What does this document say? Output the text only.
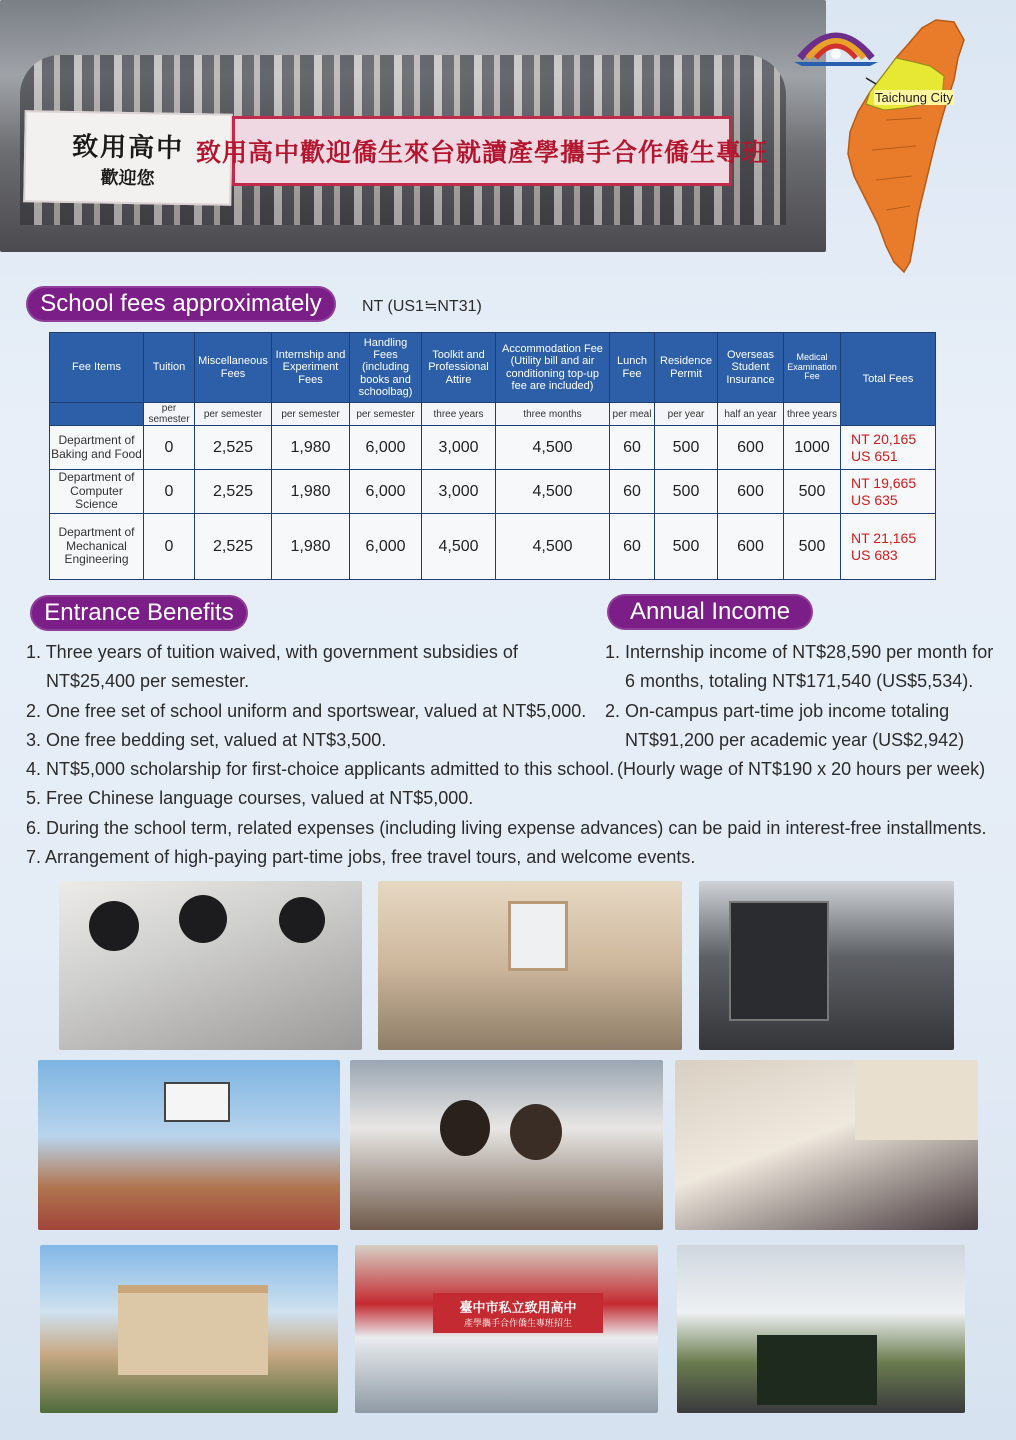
致用高中
歡迎您
致用高中歡迎僑生來台就讀產學攜手合作僑生專班
Taichung City
School fees approximately	NT (US1≒NT31)
Fee Items	Tuition	Miscellaneous Fees	Internship and Experiment Fees	Handling Fees (including books and schoolbag)	Toolkit and Professional Attire	Accommodation Fee (Utility bill and air conditioning top-up fee are included)	Lunch Fee	Residence Permit	Overseas Student Insurance	Medical Examination Fee	Total Fees
	per semester	per semester	per semester	per semester	three years	three months	per meal	per year	half an year	three years	
Department of Baking and Food	0	2,525	1,980	6,000	3,000	4,500	60	500	600	1000	NT 20,165
US 651

Department of Computer Science	0	2,525	1,980	6,000	3,000	4,500	60	500	600	500	NT 19,665
US 635

Department of Mechanical Engineering	0	2,525	1,980	6,000	4,500	4,500	60	500	600	500	NT 21,165
US 683
Entrance Benefits
1. Three years of tuition waived, with government subsidies of
NT$25,400 per semester.
2. One free set of school uniform and sportswear, valued at NT$5,000.
3. One free bedding set, valued at NT$3,500.
4. NT$5,000 scholarship for first-choice applicants admitted to this school.
5. Free Chinese language courses, valued at NT$5,000.
6. During the school term, related expenses (including living expense advances) can be paid in interest-free installments.
7. Arrangement of high-paying part-time jobs, free travel tours, and welcome events.
Annual Income
1. Internship income of NT$28,590 per month for
6 months, totaling NT$171,540 (US$5,534).
2. On-campus part-time job income totaling
NT$91,200 per academic year (US$2,942)
(Hourly wage of NT$190 x 20 hours per week)
臺中市私立致用高中
產學攜手合作僑生專班招生
